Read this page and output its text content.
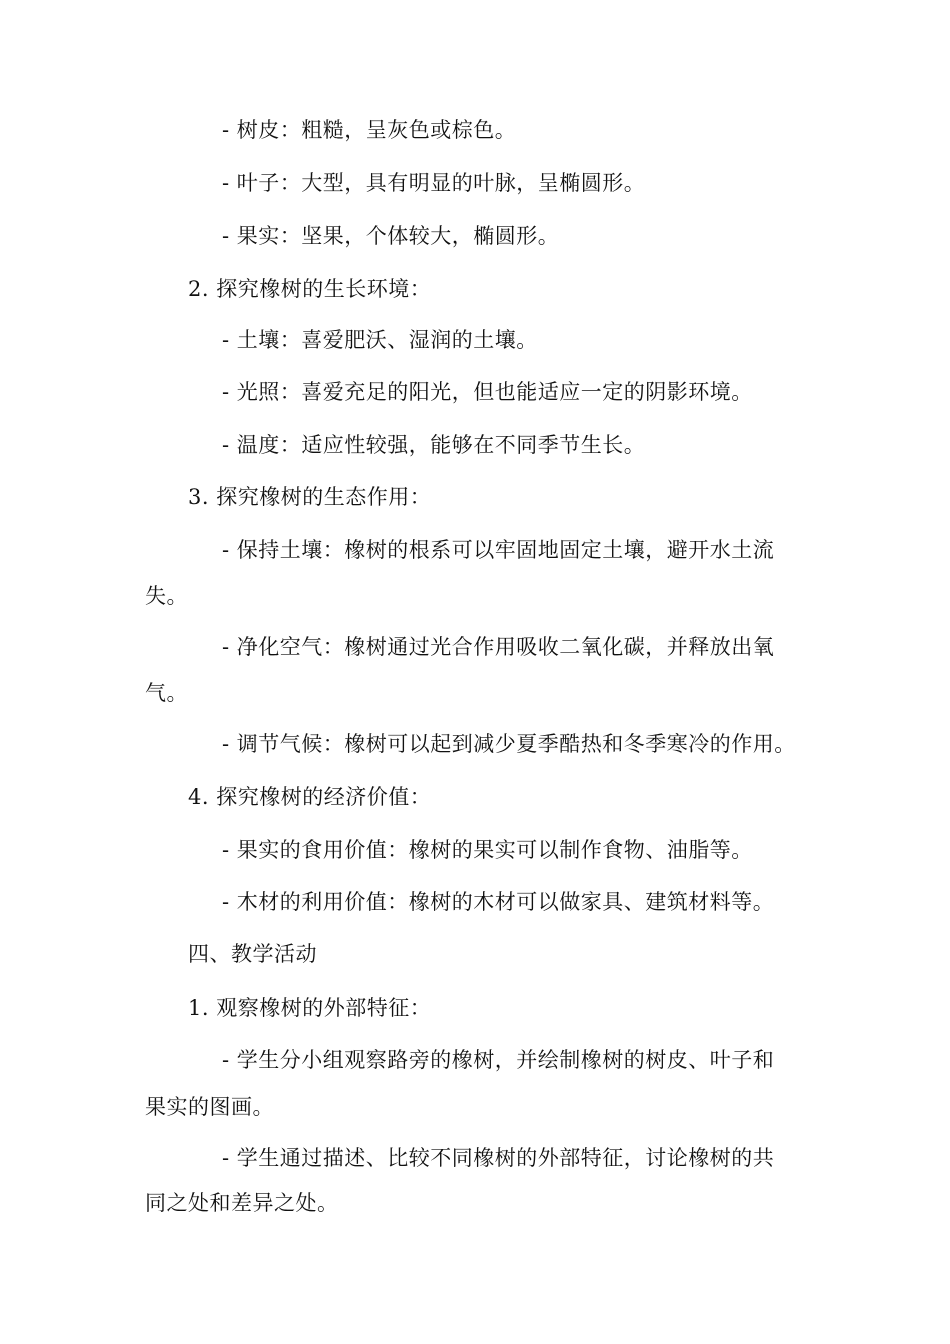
- 树皮：粗糙，呈灰色或棕色。
- 叶子：大型，具有明显的叶脉，呈椭圆形。
- 果实：坚果，个体较大，椭圆形。
2. 探究橡树的生长环境：
- 土壤：喜爱肥沃、湿润的土壤。
- 光照：喜爱充足的阳光，但也能适应一定的阴影环境。
- 温度：适应性较强，能够在不同季节生长。
3. 探究橡树的生态作用：
- 保持土壤：橡树的根系可以牢固地固定土壤，避开水土流
失。
- 净化空气：橡树通过光合作用吸收二氧化碳，并释放出氧
气。
- 调节气候：橡树可以起到减少夏季酷热和冬季寒冷的作用。
4. 探究橡树的经济价值：
- 果实的食用价值：橡树的果实可以制作食物、油脂等。
- 木材的利用价值：橡树的木材可以做家具、建筑材料等。
四、教学活动
1. 观察橡树的外部特征：
- 学生分小组观察路旁的橡树，并绘制橡树的树皮、叶子和
果实的图画。
- 学生通过描述、比较不同橡树的外部特征，讨论橡树的共
同之处和差异之处。
